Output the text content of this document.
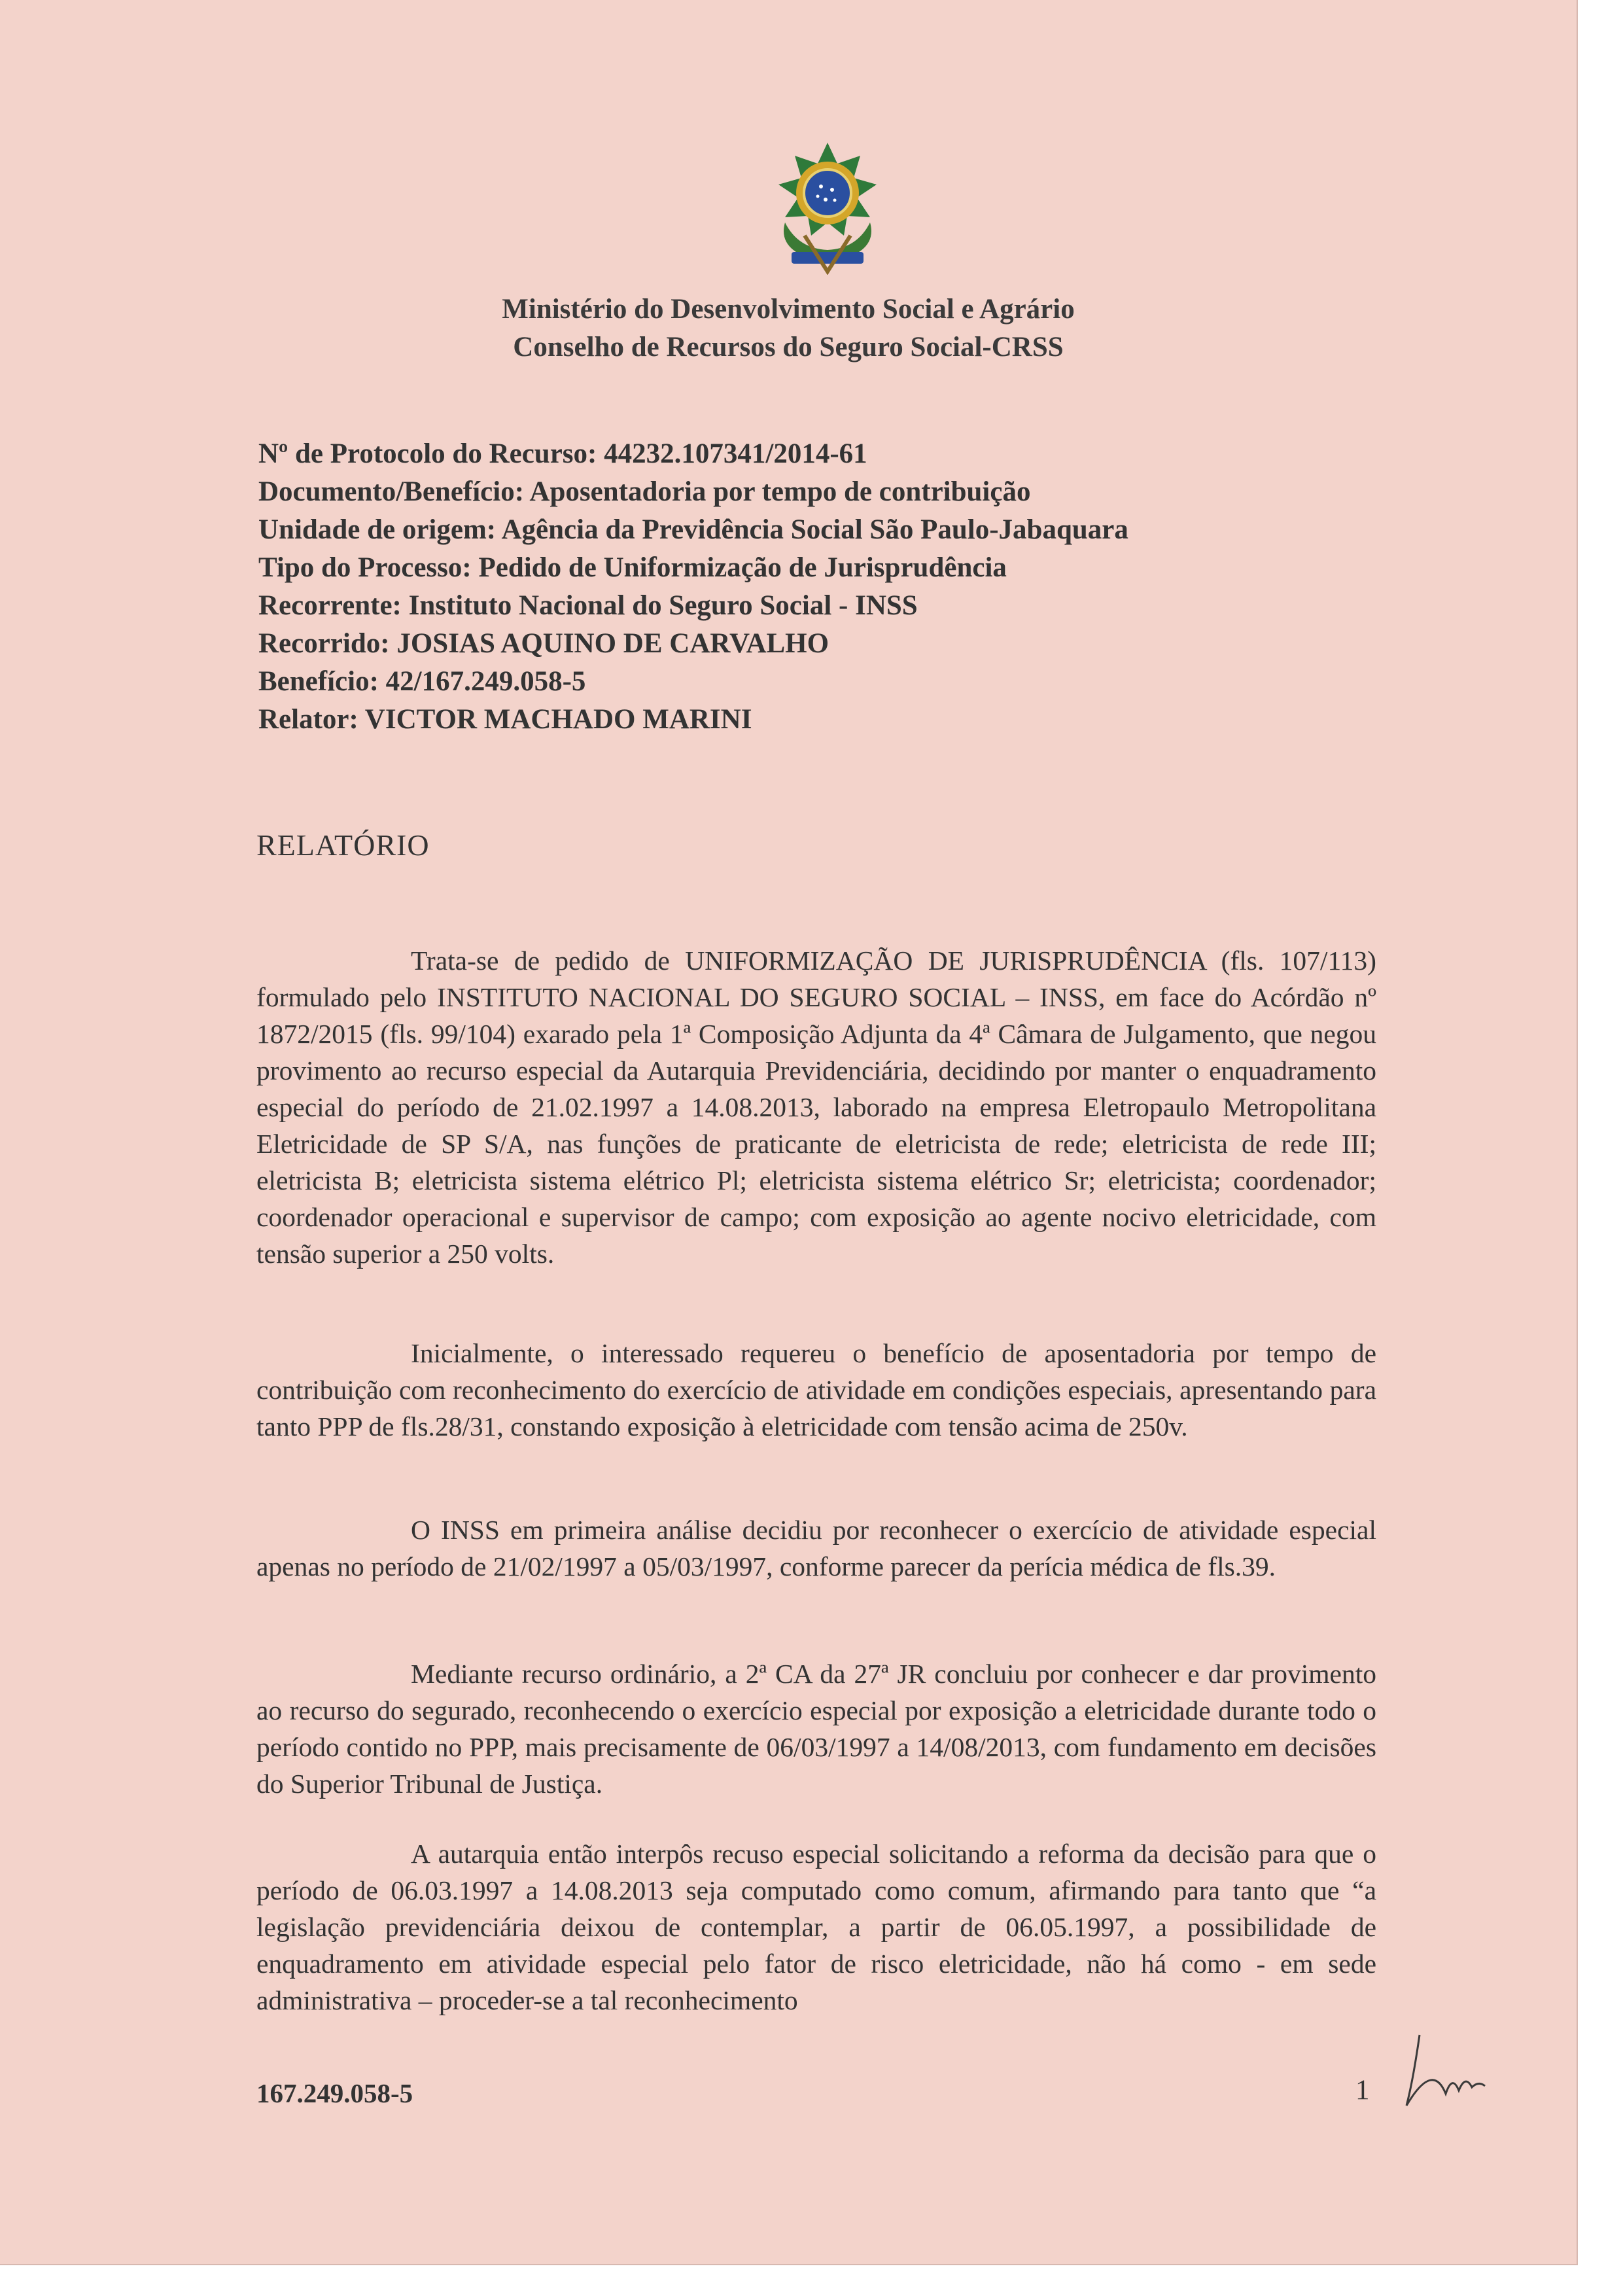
Ministério do Desenvolvimento Social e Agrário
Conselho de Recursos do Seguro Social-CRSS
Nº de Protocolo do Recurso: 44232.107341/2014-61
Documento/Benefício: Aposentadoria por tempo de contribuição
Unidade de origem: Agência da Previdência Social São Paulo-Jabaquara
Tipo do Processo: Pedido de Uniformização de Jurisprudência
Recorrente: Instituto Nacional do Seguro Social - INSS
Recorrido: JOSIAS AQUINO DE CARVALHO
Benefício: 42/167.249.058-5
Relator: VICTOR MACHADO MARINI
RELATÓRIO

Trata-se de pedido de UNIFORMIZAÇÃO DE JURISPRUDÊNCIA (fls. 107/113) formulado pelo INSTITUTO NACIONAL DO SEGURO SOCIAL – INSS, em face do Acórdão nº 1872/2015 (fls. 99/104) exarado pela 1ª Composição Adjunta da 4ª Câmara de Julgamento, que negou provimento ao recurso especial da Autarquia Previdenciária, decidindo por manter o enquadramento especial do período de 21.02.1997 a 14.08.2013, laborado na empresa Eletropaulo Metropolitana Eletricidade de SP S/A, nas funções de praticante de eletricista de rede; eletricista de rede III; eletricista B; eletricista sistema elétrico Pl; eletricista sistema elétrico Sr; eletricista; coordenador; coordenador operacional e supervisor de campo; com exposição ao agente nocivo eletricidade, com tensão superior a 250 volts.

Inicialmente, o interessado requereu o benefício de aposentadoria por tempo de contribuição com reconhecimento do exercício de atividade em condições especiais, apresentando para tanto PPP de fls.28/31, constando exposição à eletricidade com tensão acima de 250v.

O INSS em primeira análise decidiu por reconhecer o exercício de atividade especial apenas no período de 21/02/1997 a 05/03/1997, conforme parecer da perícia médica de fls.39.

Mediante recurso ordinário, a 2ª CA da 27ª JR concluiu por conhecer e dar provimento ao recurso do segurado, reconhecendo o exercício especial por exposição a eletricidade durante todo o período contido no PPP, mais precisamente de 06/03/1997 a 14/08/2013, com fundamento em decisões do Superior Tribunal de Justiça.

A autarquia então interpôs recuso especial solicitando a reforma da decisão para que o período de 06.03.1997 a 14.08.2013 seja computado como comum, afirmando para tanto que “a legislação previdenciária deixou de contemplar, a partir de 06.05.1997, a possibilidade de enquadramento em atividade especial pelo fator de risco eletricidade, não há como - em sede administrativa – proceder-se a tal reconhecimento

167.249.058-5	1
